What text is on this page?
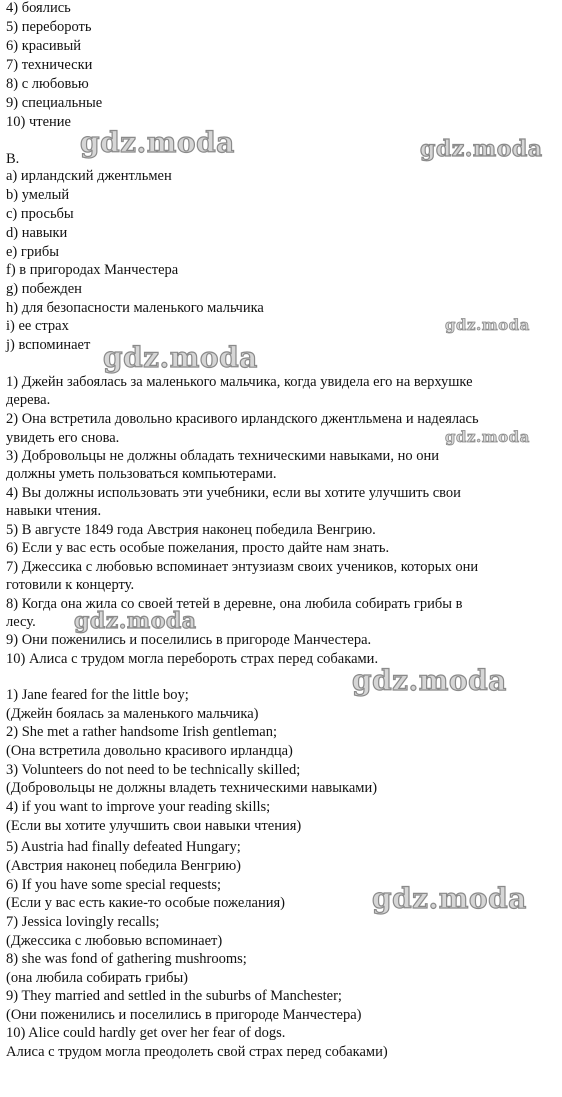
4) боялись
5) перебороть
6) красивый
7) технически
8) с любовью
9) специальные
10) чтение
B.
a) ирландский джентльмен
b) умелый
c) просьбы
d) навыки
e) грибы
f) в пригородах Манчестера
g) побежден
h) для безопасности маленького мальчика
i) ее страх
j) вспоминает
1) Джейн забоялась за маленького мальчика, когда увидела его на верхушке
дерева.
2) Она встретила довольно красивого ирландского джентльмена и надеялась
увидеть его снова.
3) Добровольцы не должны обладать техническими навыками, но они
должны уметь пользоваться компьютерами.
4) Вы должны использовать эти учебники, если вы хотите улучшить свои
навыки чтения.
5) В августе 1849 года Австрия наконец победила Венгрию.
6) Если у вас есть особые пожелания, просто дайте нам знать.
7) Джессика с любовью вспоминает энтузиазм своих учеников, которых они
готовили к концерту.
8) Когда она жила со своей тетей в деревне, она любила собирать грибы в
лесу.
9) Они поженились и поселились в пригороде Манчестера.
10) Алиса с трудом могла перебороть страх перед собаками.
1) Jane feared for the little boy;
(Джейн боялась за маленького мальчика)
2) She met a rather handsome Irish gentleman;
(Она встретила довольно красивого ирландца)
3) Volunteers do not need to be technically skilled;
(Добровольцы не должны владеть техническими навыками)
4) if you want to improve your reading skills;
(Если вы хотите улучшить свои навыки чтения)
5) Austria had finally defeated Hungary;
(Австрия наконец победила Венгрию)
6) If you have some special requests;
(Если у вас есть какие-то особые пожелания)
7) Jessica lovingly recalls;
(Джессика с любовью вспоминает)
8) she was fond of gathering mushrooms;
(она любила собирать грибы)
9) They married and settled in the suburbs of Manchester;
(Они поженились и поселились в пригороде Манчестера)
10) Alice could hardly get over her fear of dogs.
Алиса с трудом могла преодолеть свой страх перед собаками)
gdz.moda	gdz.moda
gdz.moda
gdz.moda
gdz.moda
gdz.moda
gdz.moda
gdz.moda
